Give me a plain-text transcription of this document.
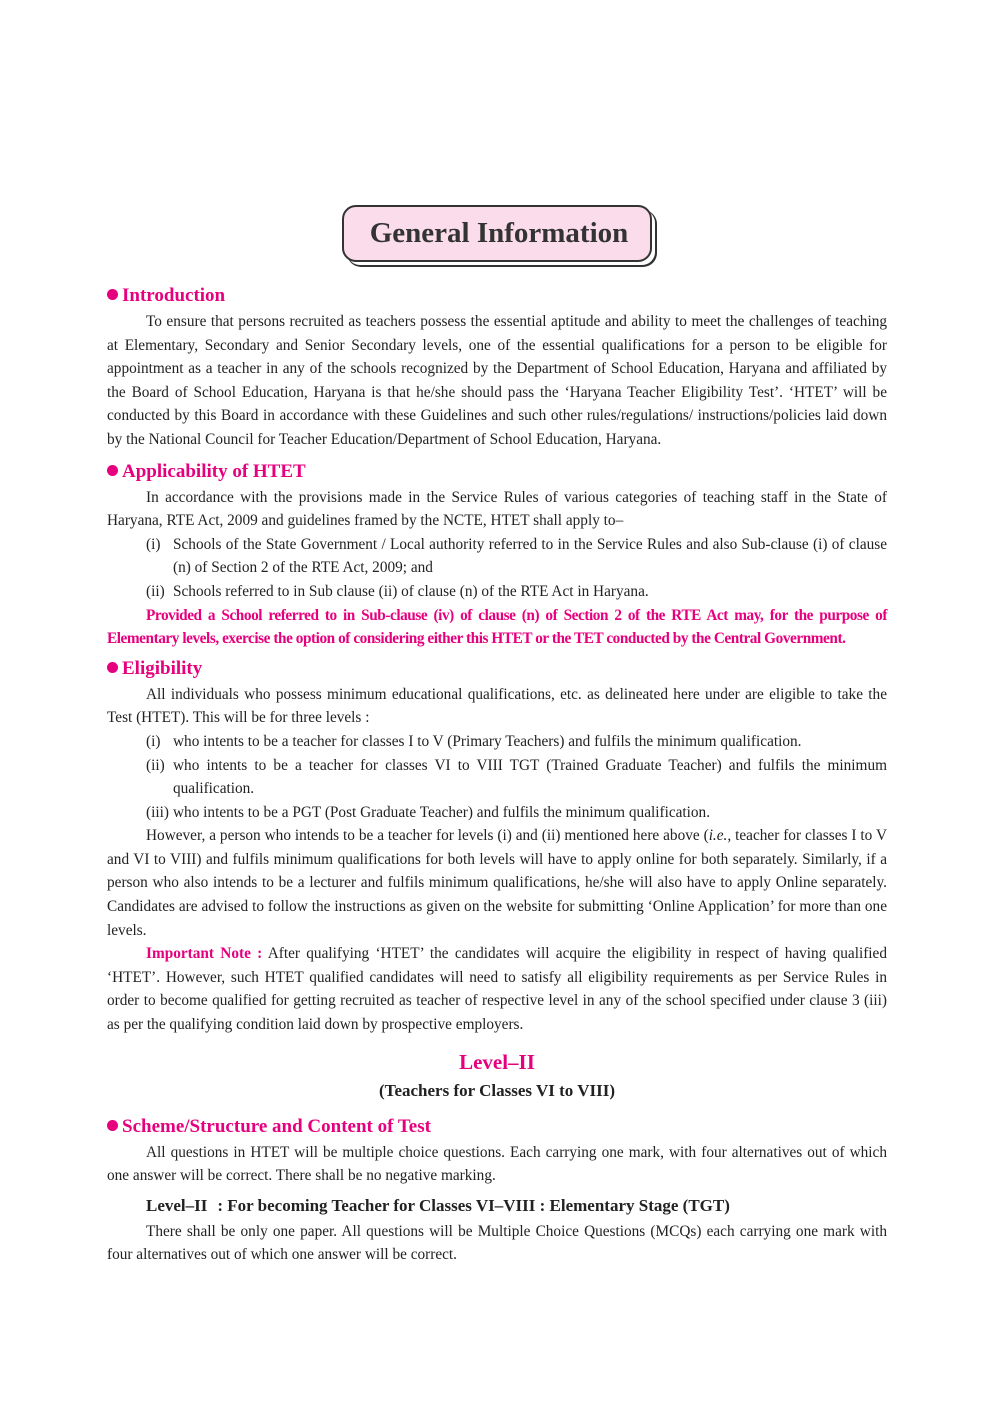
General Information
Introduction

To ensure that persons recruited as teachers possess the essential aptitude and ability to meet the challenges of teaching at Elementary, Secondary and Senior Secondary levels, one of the essential qualifications for a person to be eligible for appointment as a teacher in any of the schools recognized by the Department of School Education, Haryana and affiliated by the Board of School Education, Haryana is that he/she should pass the ‘Haryana Teacher Eligibility Test’. ‘HTET’ will be conducted by this Board in accordance with these Guidelines and such other rules/regulations/ instructions/policies laid down by the National Council for Teacher Education/Department of School Education, Haryana.

Applicability of HTET

In accordance with the provisions made in the Service Rules of various categories of teaching staff in the State of Haryana, RTE Act, 2009 and guidelines framed by the NCTE, HTET shall apply to–

(i) Schools of the State Government / Local authority referred to in the Service Rules and also Sub-clause (i) of clause (n) of Section 2 of the RTE Act, 2009; and
(ii) Schools referred to in Sub clause (ii) of clause (n) of the RTE Act in Haryana.

Provided a School referred to in Sub-clause (iv) of clause (n) of Section 2 of the RTE Act may, for the purpose of Elementary levels, exercise the option of considering either this HTET or the TET conducted by the Central Government.

Eligibility

All individuals who possess minimum educational qualifications, etc. as delineated here under are eligible to take the Test (HTET). This will be for three levels :

(i) who intents to be a teacher for classes I to V (Primary Teachers) and fulfils the minimum qualification.
(ii) who intents to be a teacher for classes VI to VIII TGT (Trained Graduate Teacher) and fulfils the minimum qualification.
(iii) who intents to be a PGT (Post Graduate Teacher) and fulfils the minimum qualification.

However, a person who intends to be a teacher for levels (i) and (ii) mentioned here above (i.e., teacher for classes I to V and VI to VIII) and fulfils minimum qualifications for both levels will have to apply online for both separately. Similarly, if a person who also intends to be a lecturer and fulfils minimum qualifications, he/she will also have to apply Online separately. Candidates are advised to follow the instructions as given on the website for submitting ‘Online Application’ for more than one levels.

Important Note : After qualifying ‘HTET’ the candidates will acquire the eligibility in respect of having qualified ‘HTET’. However, such HTET qualified candidates will need to satisfy all eligibility requirements as per Service Rules in order to become qualified for getting recruited as teacher of respective level in any of the school specified under clause 3 (iii) as per the qualifying condition laid down by prospective employers.

Level–II
(Teachers for Classes VI to VIII)
Scheme/Structure and Content of Test

All questions in HTET will be multiple choice questions. Each carrying one mark, with four alternatives out of which one answer will be correct. There shall be no negative marking.

Level–II : For becoming Teacher for Classes VI–VIII : Elementary Stage (TGT)

There shall be only one paper. All questions will be Multiple Choice Questions (MCQs) each carrying one mark with four alternatives out of which one answer will be correct.
